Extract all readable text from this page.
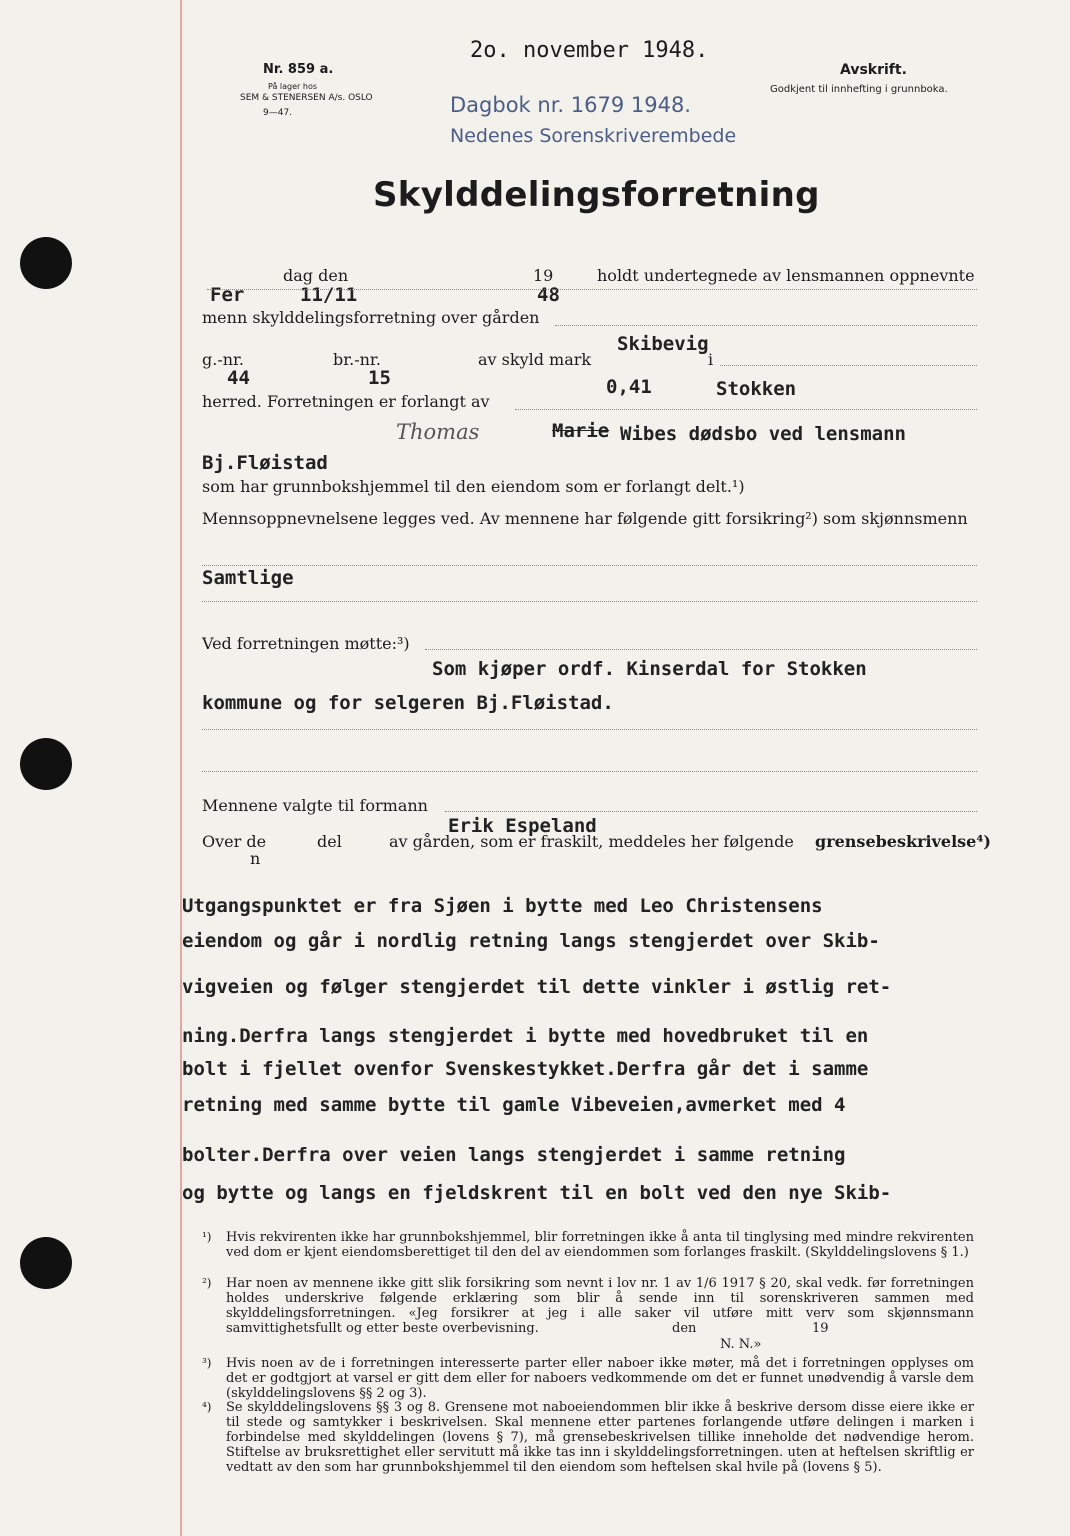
Nr. 859 a.
På lager hos
SEM & STENERSEN A/s. OSLO
9—47.
2o. november 1948.
Avskrift.
Godkjent til innhefting i grunnboka.
Dagbok nr. 1679 1948.
Nedenes Sorenskriverembede
Skylddelingsforretning
Fer
dag den
11/11
19
48
holdt undertegnede av lensmannen oppnevnte
menn skylddelingsforretning over gården
Skibevig
g.-nr.
44
br.-nr.
15
av skyld mark	i
0,41	Stokken
herred. Forretningen er forlangt av
Thomas	Marie Wibes dødsbo ved lensmann
Bj.Fløistad
som har grunnbokshjemmel til den eiendom som er forlangt delt.¹)
Mennsoppnevnelsene legges ved. Av mennene har følgende gitt forsikring²) som skjønnsmenn
Samtlige
Ved forretningen møtte:³)
Som kjøper ordf. Kinserdal for Stokken
kommune og for selgeren Bj.Fløistad.
Mennene valgte til formann
Erik Espeland
Over de
n
del	av gården, som er fraskilt, meddeles her følgende grensebeskrivelse⁴)
Utgangspunktet er fra Sjøen i bytte med Leo Christensens
eiendom og går i nordlig retning langs stengjerdet over Skib-
vigveien og følger stengjerdet til dette vinkler i østlig ret-
ning.Derfra langs stengjerdet i bytte med hovedbruket til en
bolt i fjellet ovenfor Svenskestykket.Derfra går det i samme
retning med samme bytte til gamle Vibeveien,avmerket med 4
bolter.Derfra over veien langs stengjerdet i samme retning
og bytte og langs en fjeldskrent til en bolt ved den nye Skib-
¹) Hvis rekvirenten ikke har grunnbokshjemmel, blir forretningen ikke å anta til tinglysing med mindre rekvirenten ved dom er kjent eiendomsberettiget til den del av eiendommen som forlanges fraskilt. (Skylddelingslovens § 1.)
²) Har noen av mennene ikke gitt slik forsikring som nevnt i lov nr. 1 av 1/6 1917 § 20, skal vedk. før forretningen holdes underskrive følgende erklæring som blir å sende inn til sorenskriveren sammen med skylddelingsforretningen. «Jeg forsikrer at jeg i alle saker vil utføre mitt verv som skjønnsmann samvittighetsfullt og etter beste overbevisning.	den	19
N. N.»
³) Hvis noen av de i forretningen interesserte parter eller naboer ikke møter, må det i forretningen opplyses om det er godtgjort at varsel er gitt dem eller for naboers vedkommende om det er funnet unødvendig å varsle dem (skylddelingslovens §§ 2 og 3).
⁴) Se skylddelingslovens §§ 3 og 8. Grensene mot naboeiendommen blir ikke å beskrive dersom disse eiere ikke er til stede og samtykker i beskrivelsen. Skal mennene etter partenes forlangende utføre delingen i marken i forbindelse med skylddelingen (lovens § 7), må grensebeskrivelsen tillike inneholde det nødvendige herom. Stiftelse av bruksrettighet eller servitutt må ikke tas inn i skylddelingsforretningen. uten at heftelsen skriftlig er vedtatt av den som har grunnbokshjemmel til den eiendom som heftelsen skal hvile på (lovens § 5).
